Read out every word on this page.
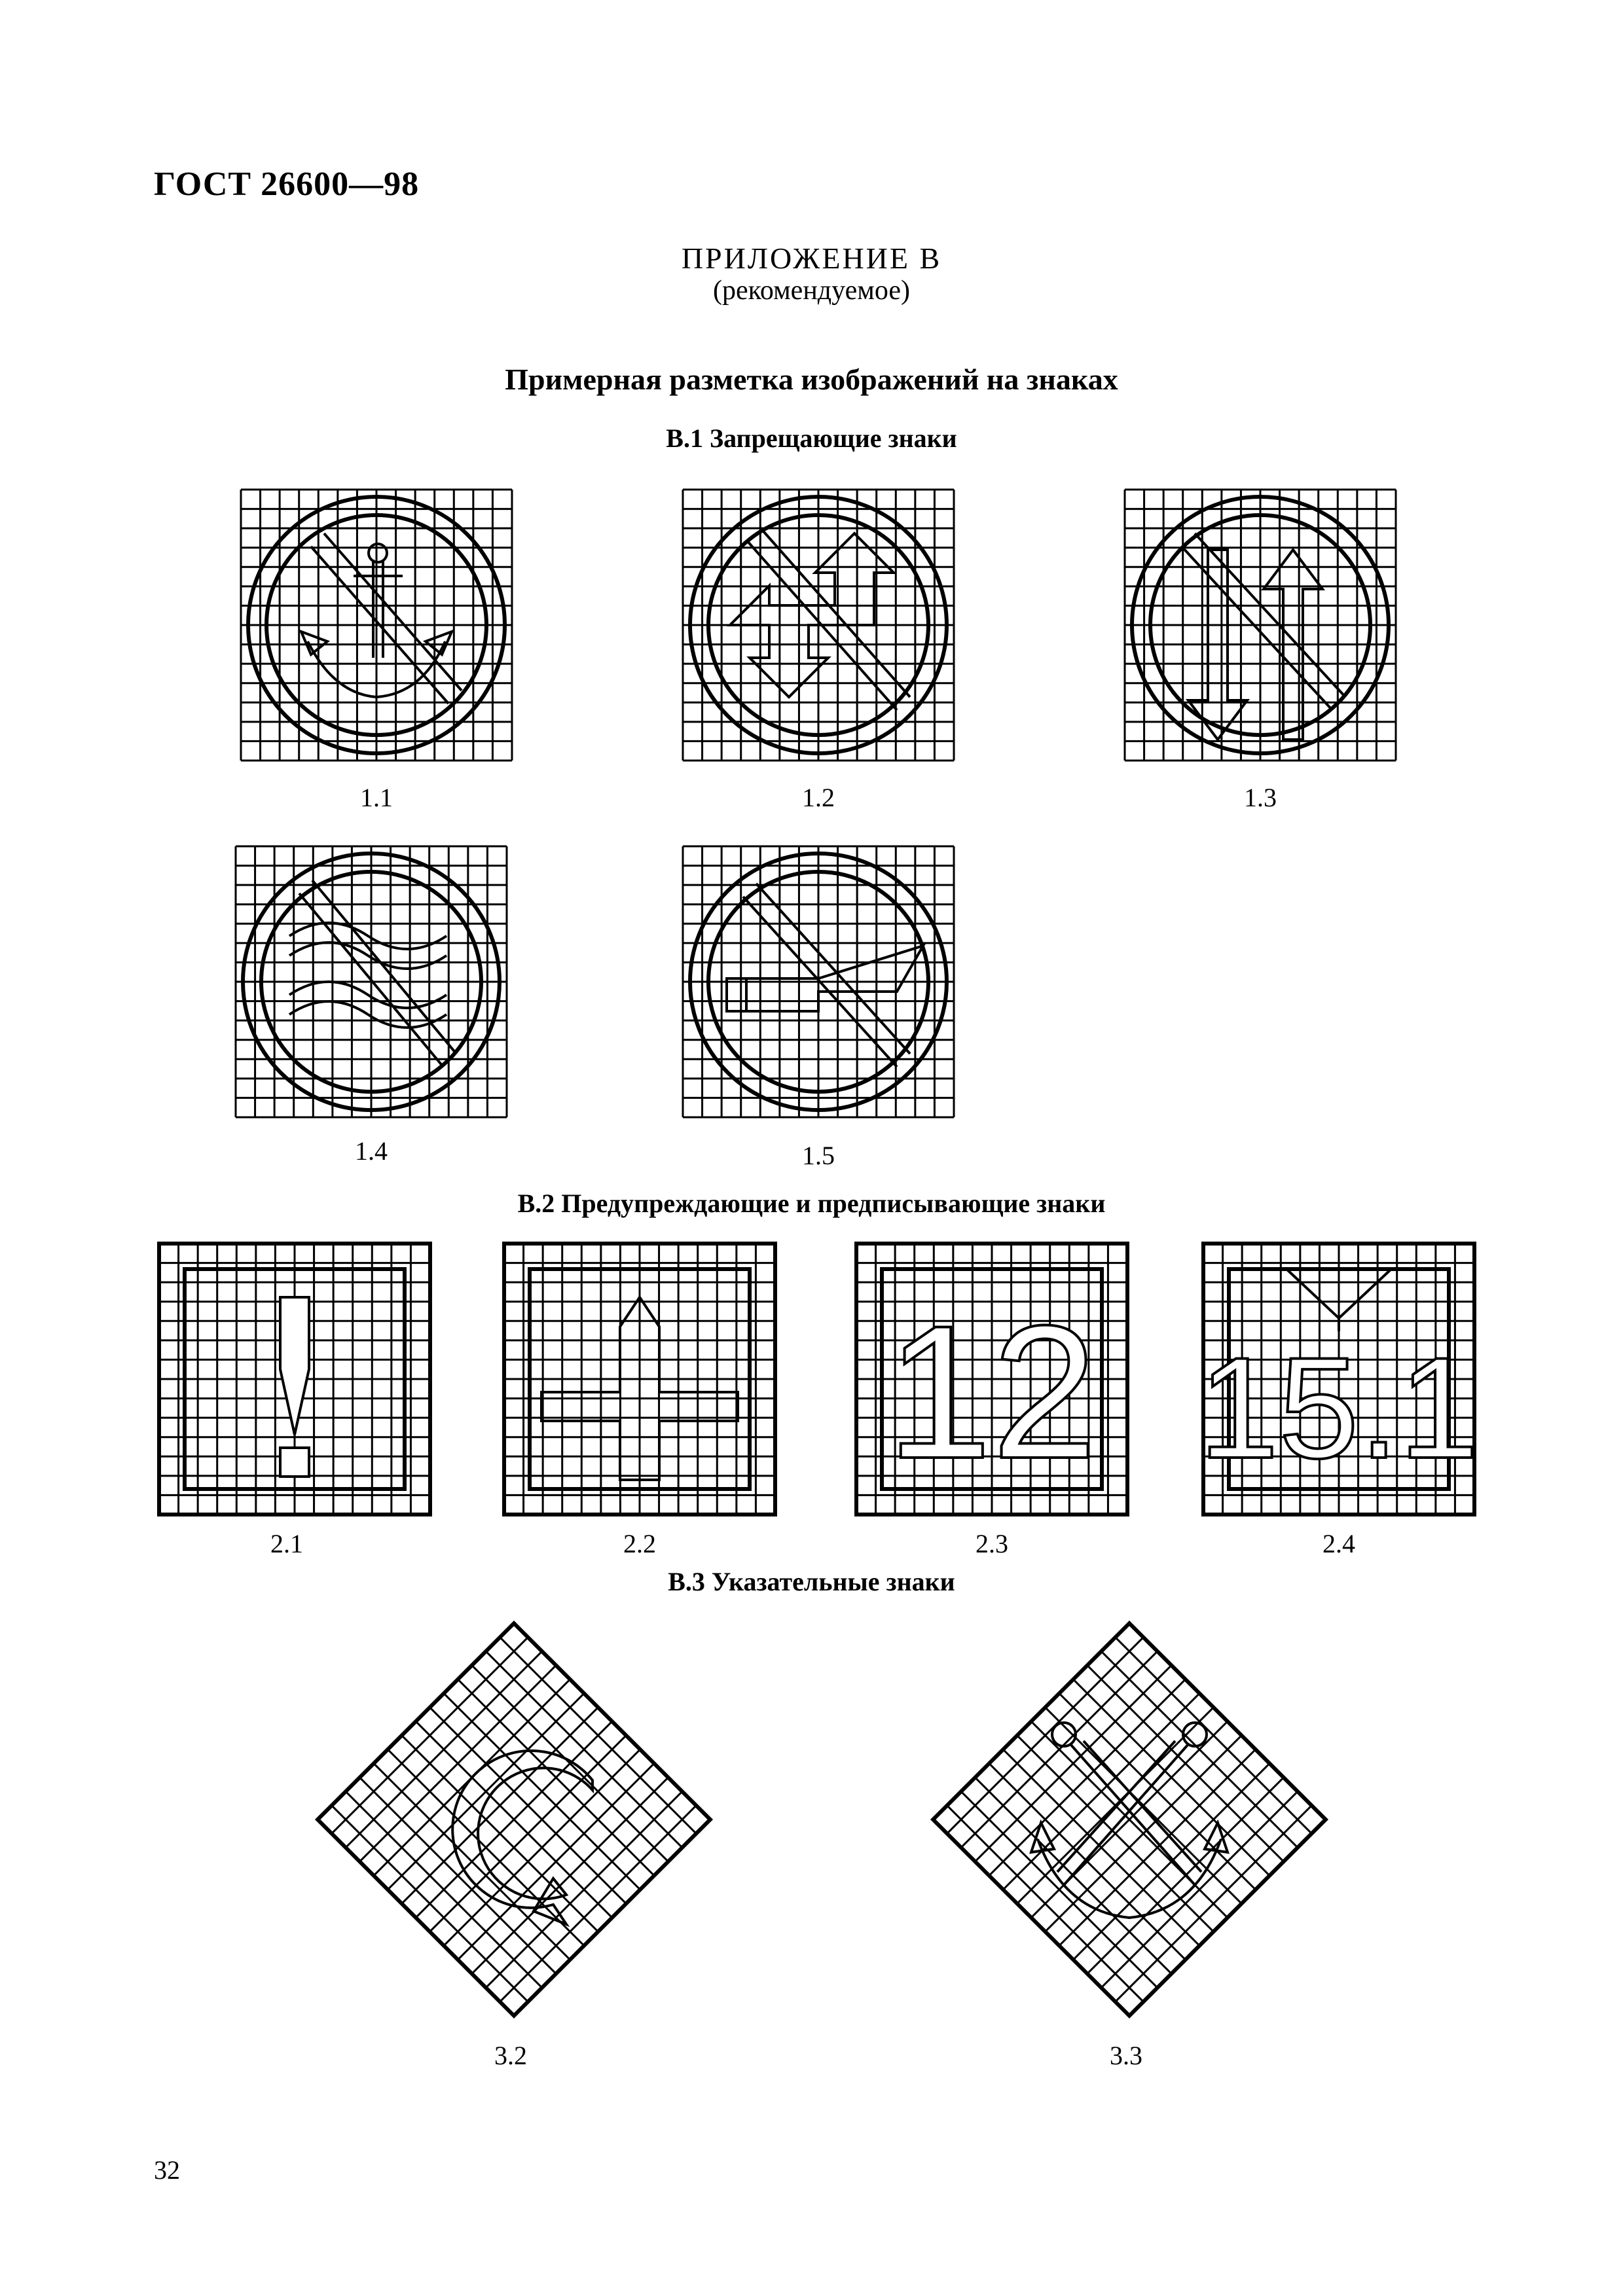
ГОСТ 26600—98
ПРИЛОЖЕНИЕ В
(рекомендуемое)
Примерная разметка изображений на знаках
В.1 Запрещающие знаки
1.1	1.2	1.3
1.4	1.5
В.2 Предупреждающие и предписывающие знаки
2.1	2.2
12
2.3
15.1
2.4
В.3 Указательные знаки
3.2	3.3
32
